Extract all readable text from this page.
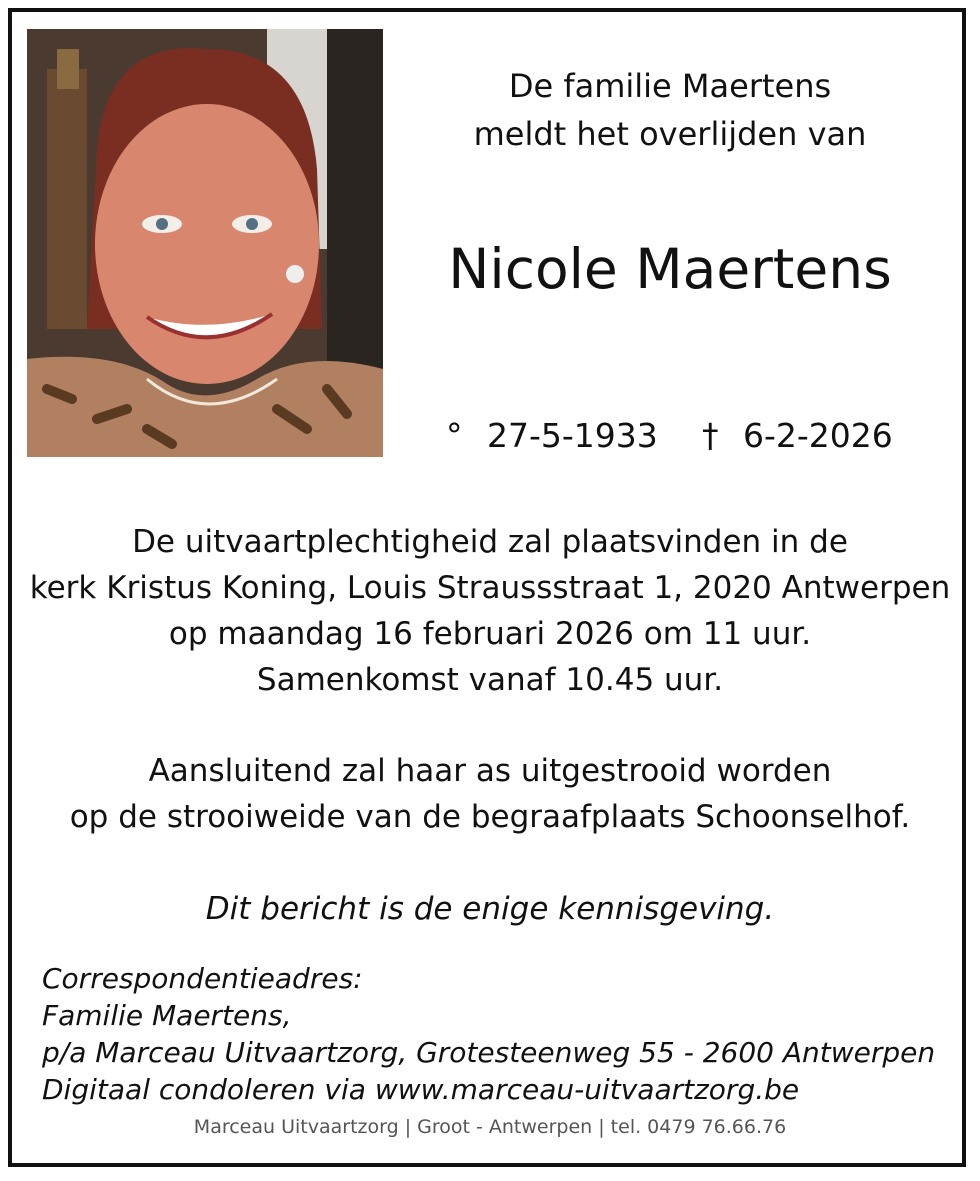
De familie Maertens
meldt het overlijden van
Nicole Maertens
° 27-5-1933 † 6-2-2026
De uitvaartplechtigheid zal plaatsvinden in de
kerk Kristus Koning, Louis Straussstraat 1, 2020 Antwerpen
op maandag 16 februari 2026 om 11 uur.
Samenkomst vanaf 10.45 uur.
Aansluitend zal haar as uitgestrooid worden
op de strooiweide van de begraafplaats Schoonselhof.
Dit bericht is de enige kennisgeving.
Correspondentieadres:
Familie Maertens,
p/a Marceau Uitvaartzorg, Grotesteenweg 55 - 2600 Antwerpen
Digitaal condoleren via www.marceau-uitvaartzorg.be
Marceau Uitvaartzorg | Groot - Antwerpen | tel. 0479 76.66.76
